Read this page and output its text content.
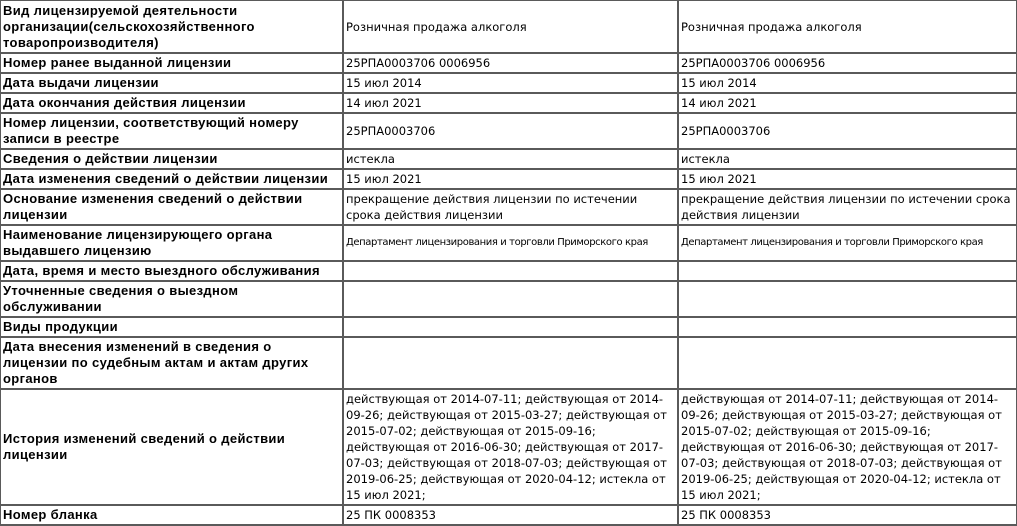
Вид лицензируемой деятельности организации(сельскохозяйственного товаропроизводителя)	Розничная продажа алкоголя	Розничная продажа алкоголя
Номер ранее выданной лицензии	25РПА0003706 0006956	25РПА0003706 0006956
Дата выдачи лицензии	15 июл 2014	15 июл 2014
Дата окончания действия лицензии	14 июл 2021	14 июл 2021
Номер лицензии, соответствующий номеру записи в реестре	25РПА0003706	25РПА0003706
Сведения о действии лицензии	истекла	истекла
Дата изменения сведений о действии лицензии	15 июл 2021	15 июл 2021
Основание изменения сведений о действии лицензии	прекращение действия лицензии по истечении срока действия лицензии	прекращение действия лицензии по истечении срока действия лицензии
Наименование лицензирующего органа выдавшего лицензию	Департамент лицензирования и торговли Приморского края	Департамент лицензирования и торговли Приморского края
Дата, время и место выездного обслуживания		
Уточненные сведения о выездном обслуживании		
Виды продукции		
Дата внесения изменений в сведения о лицензии по судебным актам и актам других органов		
История изменений сведений о действии лицензии	действующая от 2014-07-11; действующая от 2014-09-26; действующая от 2015-03-27; действующая от 2015-07-02; действующая от 2015-09-16; действующая от 2016-06-30; действующая от 2017-07-03; действующая от 2018-07-03; действующая от 2019-06-25; действующая от 2020-04-12; истекла от 15 июл 2021;	действующая от 2014-07-11; действующая от 2014-09-26; действующая от 2015-03-27; действующая от 2015-07-02; действующая от 2015-09-16; действующая от 2016-06-30; действующая от 2017-07-03; действующая от 2018-07-03; действующая от 2019-06-25; действующая от 2020-04-12; истекла от 15 июл 2021;
Номер бланка	25 ПК 0008353	25 ПК 0008353
